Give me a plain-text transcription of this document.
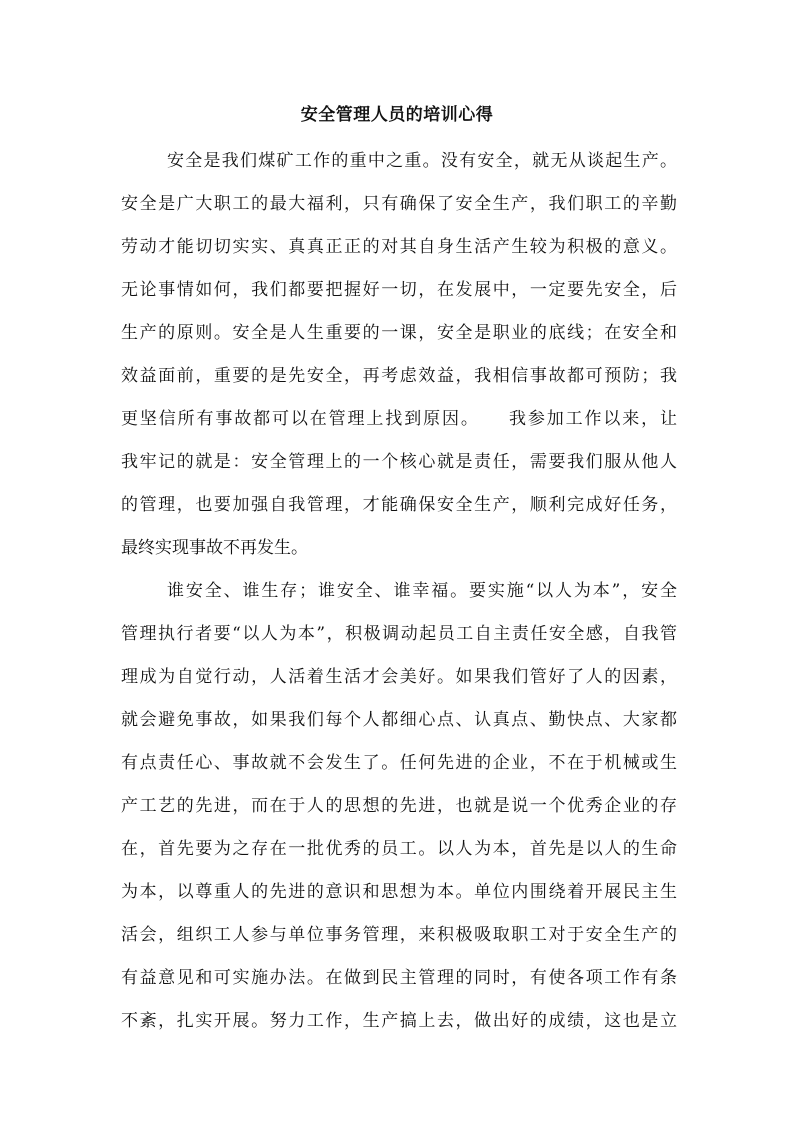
安全管理人员的培训心得
安全是我们煤矿工作的重中之重。没有安全，就无从谈起生产。
安全是广大职工的最大福利，只有确保了安全生产，我们职工的辛勤
劳动才能切切实实、真真正正的对其自身生活产生较为积极的意义。
无论事情如何，我们都要把握好一切，在发展中，一定要先安全，后
生产的原则。安全是人生重要的一课，安全是职业的底线；在安全和
效益面前，重要的是先安全，再考虑效益，我相信事故都可预防；我
更坚信所有事故都可以在管理上找到原因。　　我参加工作以来，让
我牢记的就是：安全管理上的一个核心就是责任，需要我们服从他人
的管理，也要加强自我管理，才能确保安全生产，顺利完成好任务，
最终实现事故不再发生。
谁安全、谁生存；谁安全、谁幸福。要实施“以人为本”，安全
管理执行者要“以人为本”，积极调动起员工自主责任安全感，自我管
理成为自觉行动，人活着生活才会美好。如果我们管好了人的因素，
就会避免事故，如果我们每个人都细心点、认真点、勤快点、大家都
有点责任心、事故就不会发生了。任何先进的企业，不在于机械或生
产工艺的先进，而在于人的思想的先进，也就是说一个优秀企业的存
在，首先要为之存在一批优秀的员工。以人为本，首先是以人的生命
为本，以尊重人的先进的意识和思想为本。单位内围绕着开展民主生
活会，组织工人参与单位事务管理，来积极吸取职工对于安全生产的
有益意见和可实施办法。在做到民主管理的同时，有使各项工作有条
不紊，扎实开展。努力工作，生产搞上去，做出好的成绩，这也是立
